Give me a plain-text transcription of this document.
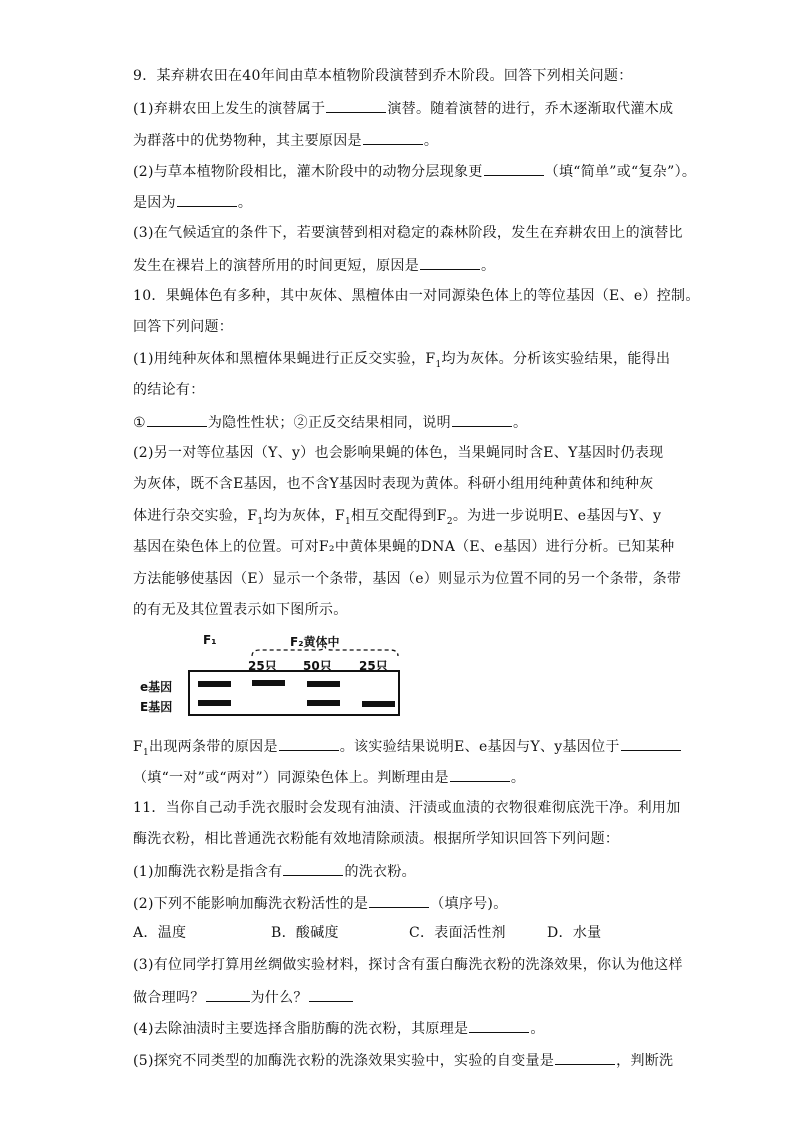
9．某弃耕农田在40年间由草本植物阶段演替到乔木阶段。回答下列相关问题：
(1)弃耕农田上发生的演替属于	演替。随着演替的进行，乔木逐渐取代灌木成
为群落中的优势物种，其主要原因是	。
(2)与草本植物阶段相比，灌木阶段中的动物分层现象更	（填“简单”或“复杂”）。
是因为	。
(3)在气候适宜的条件下，若要演替到相对稳定的森林阶段，发生在弃耕农田上的演替比
发生在裸岩上的演替所用的时间更短，原因是	。
10．果蝇体色有多种，其中灰体、黑檀体由一对同源染色体上的等位基因（E、e）控制。
回答下列问题：
(1)用纯种灰体和黑檀体果蝇进行正反交实验，$F_1$均为灰体。分析该实验结果，能得出
的结论有：
①	为隐性性状；②正反交结果相同，说明	。
(2)另一对等位基因（Y、y）也会影响果蝇的体色，当果蝇同时含E、Y基因时仍表现
为灰体，既不含E基因，也不含Y基因时表现为黄体。科研小组用纯种黄体和纯种灰
体进行杂交实验，$F_1$均为灰体，$F_1$相互交配得到$F_2$。为进一步说明E、e基因与Y、y
基因在染色体上的位置。可对F₂中黄体果蝇的DNA（E、e基因）进行分析。已知某种
方法能够使基因（E）显示一个条带，基因（e）则显示为位置不同的另一个条带，条带
的有无及其位置表示如下图所示。
F₁	F₂黄体中
25只 50只 25只
e基因
E基因
$F_1$出现两条带的原因是	。该实验结果说明E、e基因与Y、y基因位于
（填“一对”或“两对”）同源染色体上。判断理由是	。
11．当你自己动手洗衣服时会发现有油渍、汗渍或血渍的衣物很难彻底洗干净。利用加
酶洗衣粉，相比普通洗衣粉能有效地清除顽渍。根据所学知识回答下列问题：
(1)加酶洗衣粉是指含有	的洗衣粉。
(2)下列不能影响加酶洗衣粉活性的是	（填序号)。
A．温度	B．酸碱度	C．表面活性剂	D．水量
(3)有位同学打算用丝绸做实验材料，探讨含有蛋白酶洗衣粉的洗涤效果，你认为他这样
做合理吗？	为什么？
(4)去除油渍时主要选择含脂肪酶的洗衣粉，其原理是	。
(5)探究不同类型的加酶洗衣粉的洗涤效果实验中，实验的自变量是	，判断洗
